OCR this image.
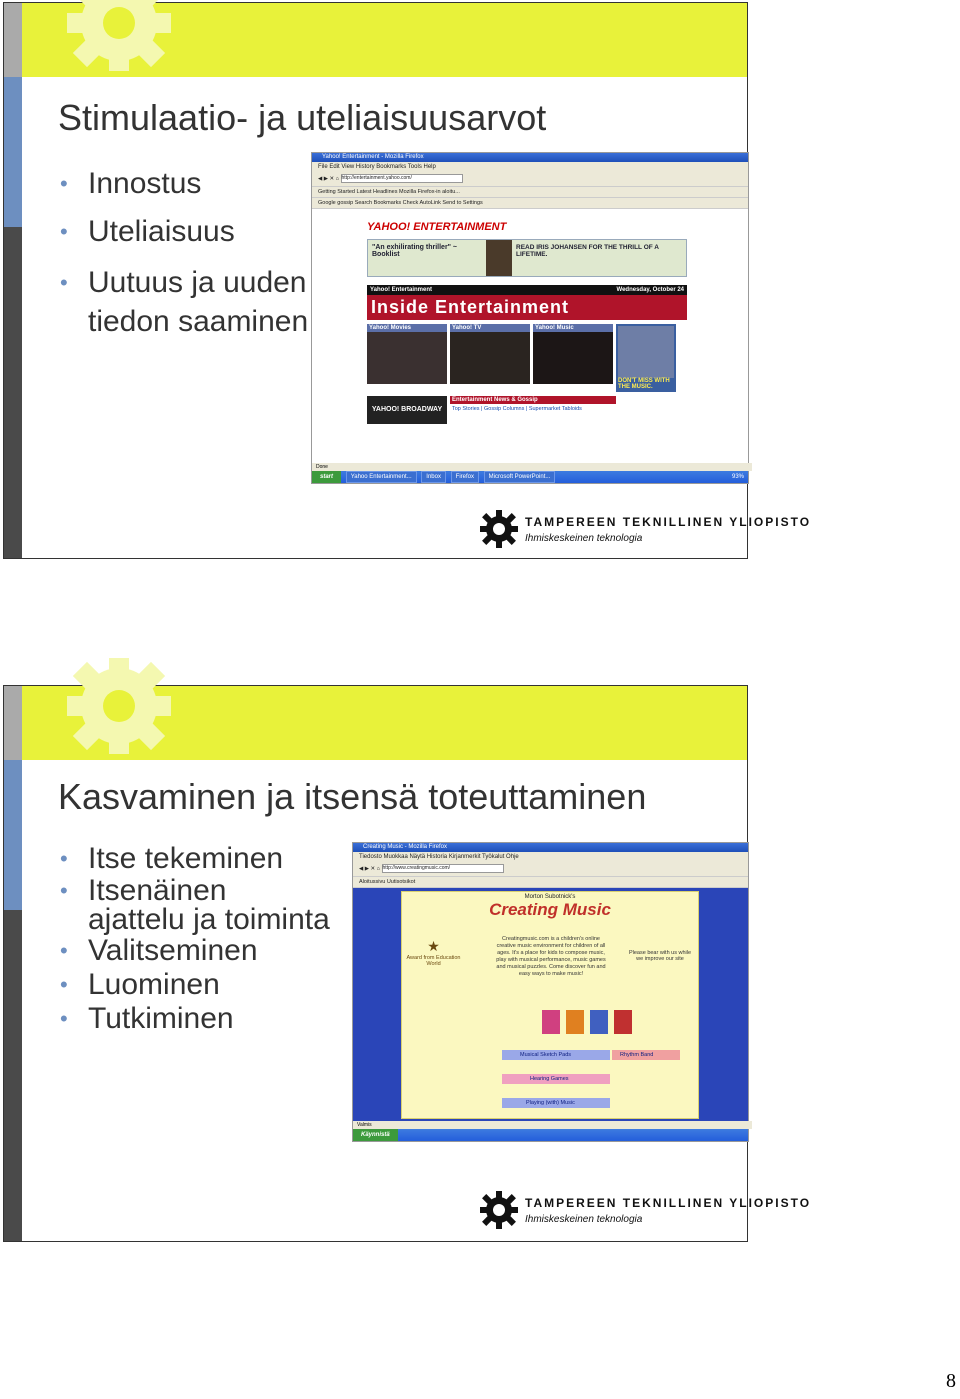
Stimulaatio- ja uteliaisuusarvot
• Innostus
• Uteliaisuus
• Uutuus ja uuden tiedon saaminen
Yahoo! Entertainment - Mozilla Firefox
File Edit View History Bookmarks Tools Help
◀ ▶ ✕ ⌂ http://entertainment.yahoo.com/
Getting Started Latest Headlines Mozilla Firefox-in aloitu...
Google gossip Search Bookmarks Check AutoLink Send to Settings
YAHOO! ENTERTAINMENT
"An exhilirating thriller" ~ Booklist
READ IRIS JOHANSEN FOR THE THRILL OF A LIFETIME.
Yahoo! Entertainment	Wednesday, October 24
Inside Entertainment
Yahoo! Movies	Yahoo! TV	Yahoo! Music
DON'T MISS WITH THE MUSIC.
YAHOO! BROADWAY
Entertainment News & Gossip
Top Stories | Gossip Columns | Supermarket Tabloids
Done
start	Yahoo Entertainment... Inbox Firefox Microsoft PowerPoint...	93%
TAMPEREEN TEKNILLINEN YLIOPISTO
Ihmiskeskeinen teknologia
Kasvaminen ja itsensä toteuttaminen
• Itse tekeminen
• Itsenäinen ajattelu ja toiminta
• Valitseminen
• Luominen
• Tutkiminen
Creating Music - Mozilla Firefox
Tiedosto Muokkaa Näytä Historia Kirjanmerkit Työkalut Ohje
◀ ▶ ✕ ⌂ http://www.creatingmusic.com/
Aloitussivu Uutisotsikot
Morton Subotnick's
Creating Music
★
Award from Education World
Creatingmusic.com is a children's online creative music environment for children of all ages. It's a place for kids to compose music, play with musical performance, music games and musical puzzles. Come discover fun and easy ways to make music!
Please bear with us while we improve our site
Musical Sketch Pads	Rhythm Band
Hearing Games
Playing (with) Music
Valmis
Käynnistä
TAMPEREEN TEKNILLINEN YLIOPISTO
Ihmiskeskeinen teknologia
8
